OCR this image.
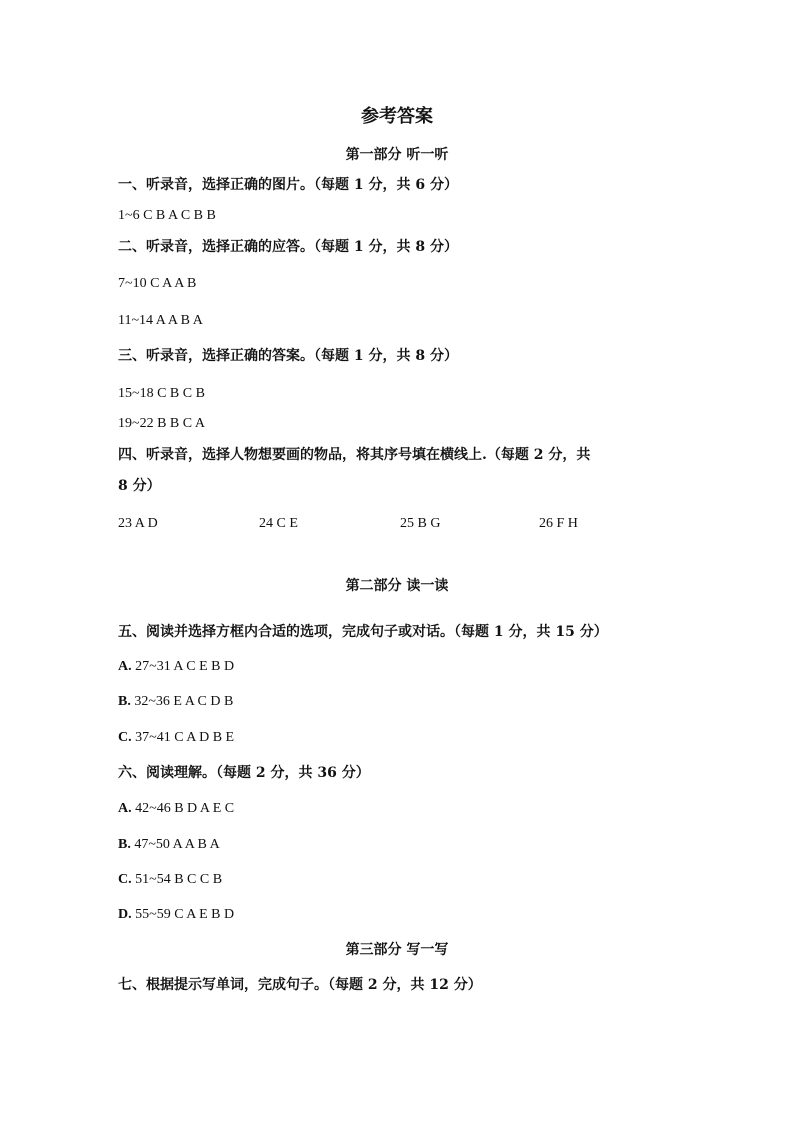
参考答案
第一部分 听一听
一、听录音，选择正确的图片。（每题 1 分，共 6 分）
1~6 C B A C B B
二、听录音，选择正确的应答。（每题 1 分，共 8 分）
7~10 C A A B
11~14 A A B A
三、听录音，选择正确的答案。（每题 1 分，共 8 分）
15~18 C B C B
19~22 B B C A
四、听录音，选择人物想要画的物品，将其序号填在横线上.（每题 2 分，共
8 分）
23 A D	24 C E	25 B G	26 F H
第二部分 读一读
五、阅读并选择方框内合适的选项，完成句子或对话。（每题 1 分，共 15 分）
A. 27~31 A C E B D
B. 32~36 E A C D B
C. 37~41 C A D B E
六、阅读理解。（每题 2 分，共 36 分）
A. 42~46 B D A E C
B. 47~50 A A B A
C. 51~54 B C C B
D. 55~59 C A E B D
第三部分 写一写
七、根据提示写单词，完成句子。（每题 2 分，共 12 分）
